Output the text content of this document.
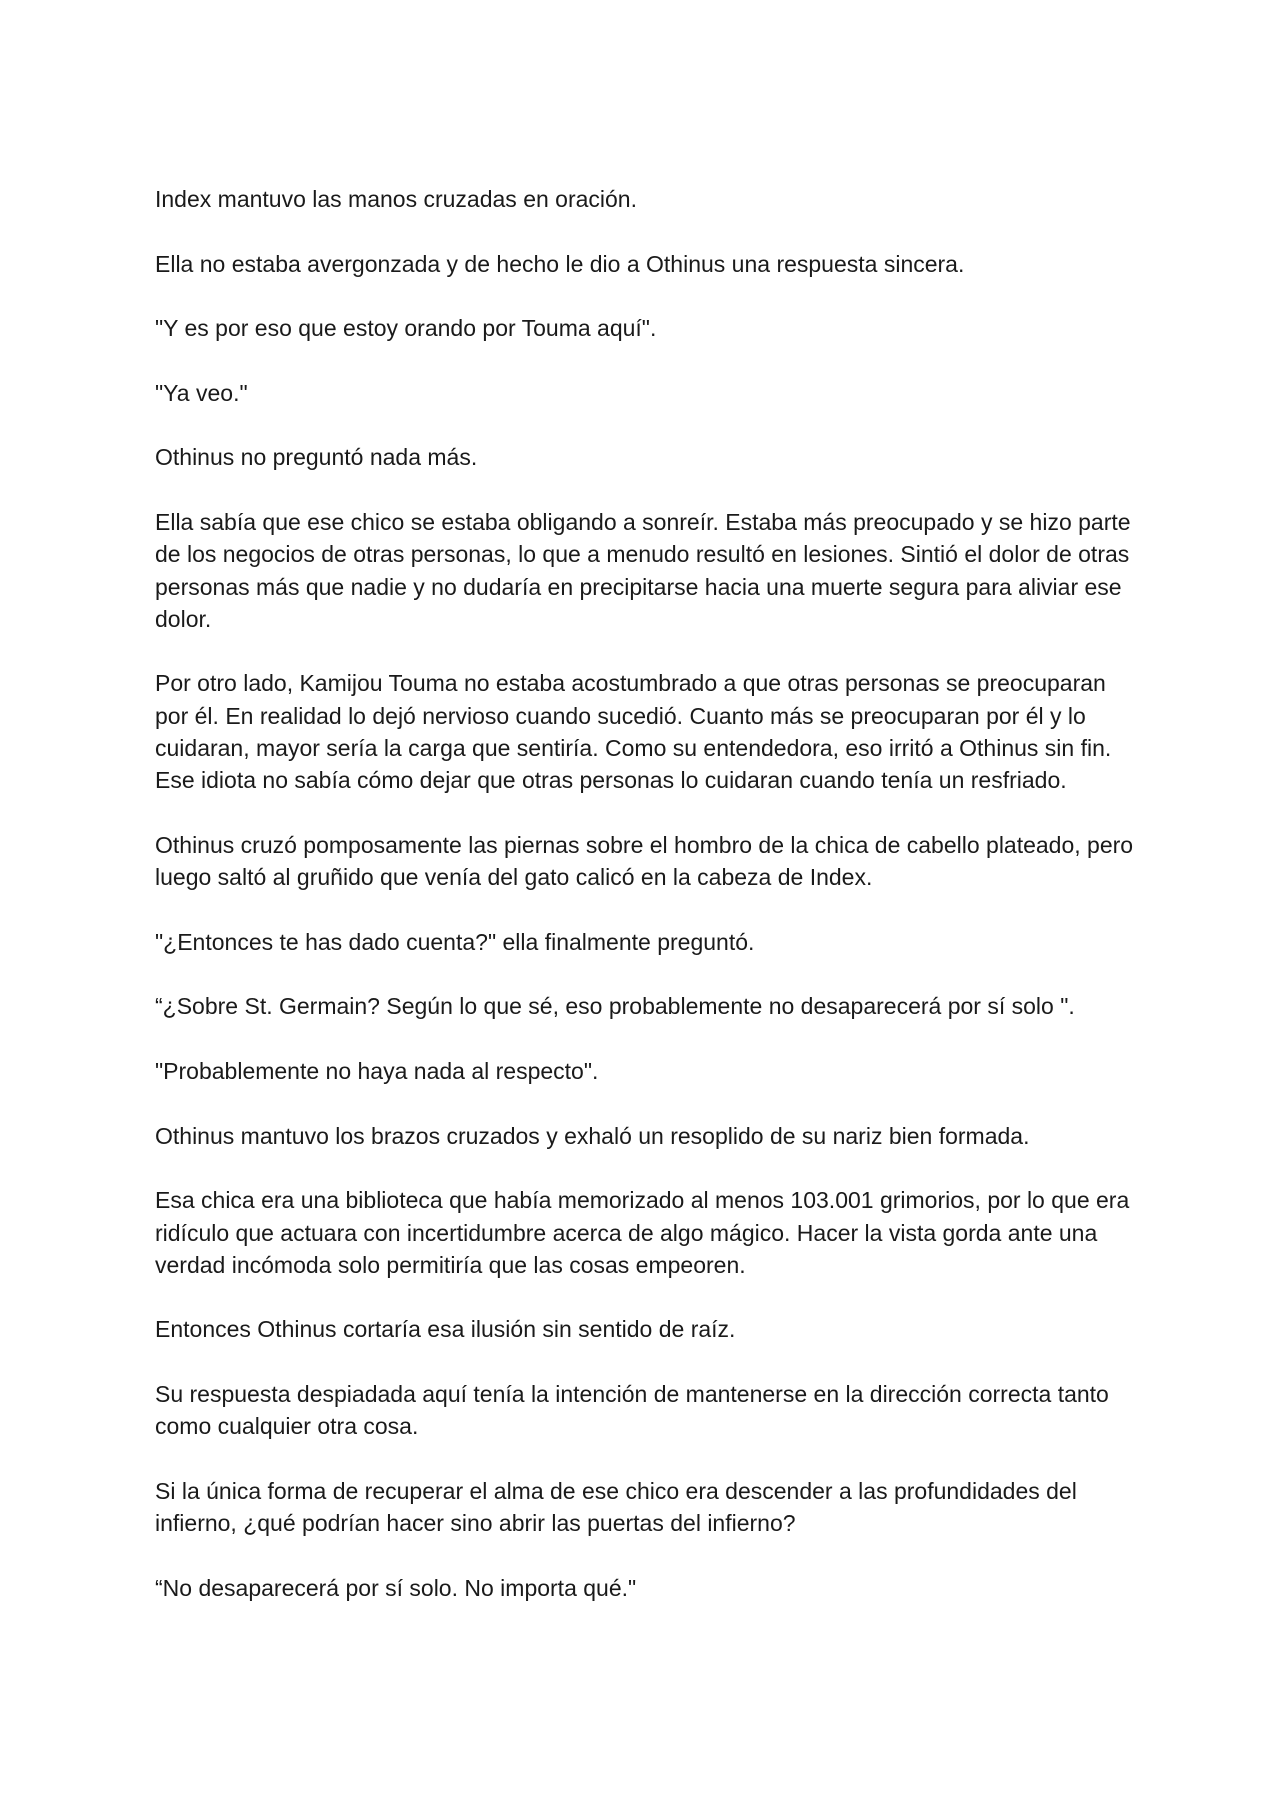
Index mantuvo las manos cruzadas en oración.

Ella no estaba avergonzada y de hecho le dio a Othinus una respuesta sincera.

"Y es por eso que estoy orando por Touma aquí".

"Ya veo."

Othinus no preguntó nada más.

Ella sabía que ese chico se estaba obligando a sonreír. Estaba más preocupado y se hizo parte de los negocios de otras personas, lo que a menudo resultó en lesiones. Sintió el dolor de otras personas más que nadie y no dudaría en precipitarse hacia una muerte segura para aliviar ese dolor.

Por otro lado, Kamijou Touma no estaba acostumbrado a que otras personas se preocuparan por él. En realidad lo dejó nervioso cuando sucedió. Cuanto más se preocuparan por él y lo cuidaran, mayor sería la carga que sentiría. Como su entendedora, eso irritó a Othinus sin fin. Ese idiota no sabía cómo dejar que otras personas lo cuidaran cuando tenía un resfriado.

Othinus cruzó pomposamente las piernas sobre el hombro de la chica de cabello plateado, pero luego saltó al gruñido que venía del gato calicó en la cabeza de Index.

"¿Entonces te has dado cuenta?" ella finalmente preguntó.

“¿Sobre St. Germain? Según lo que sé, eso probablemente no desaparecerá por sí solo ".

"Probablemente no haya nada al respecto".

Othinus mantuvo los brazos cruzados y exhaló un resoplido de su nariz bien formada.

Esa chica era una biblioteca que había memorizado al menos 103.001 grimorios, por lo que era ridículo que actuara con incertidumbre acerca de algo mágico. Hacer la vista gorda ante una verdad incómoda solo permitiría que las cosas empeoren.

Entonces Othinus cortaría esa ilusión sin sentido de raíz.

Su respuesta despiadada aquí tenía la intención de mantenerse en la dirección correcta tanto como cualquier otra cosa.

Si la única forma de recuperar el alma de ese chico era descender a las profundidades del infierno, ¿qué podrían hacer sino abrir las puertas del infierno?

“No desaparecerá por sí solo. No importa qué."
